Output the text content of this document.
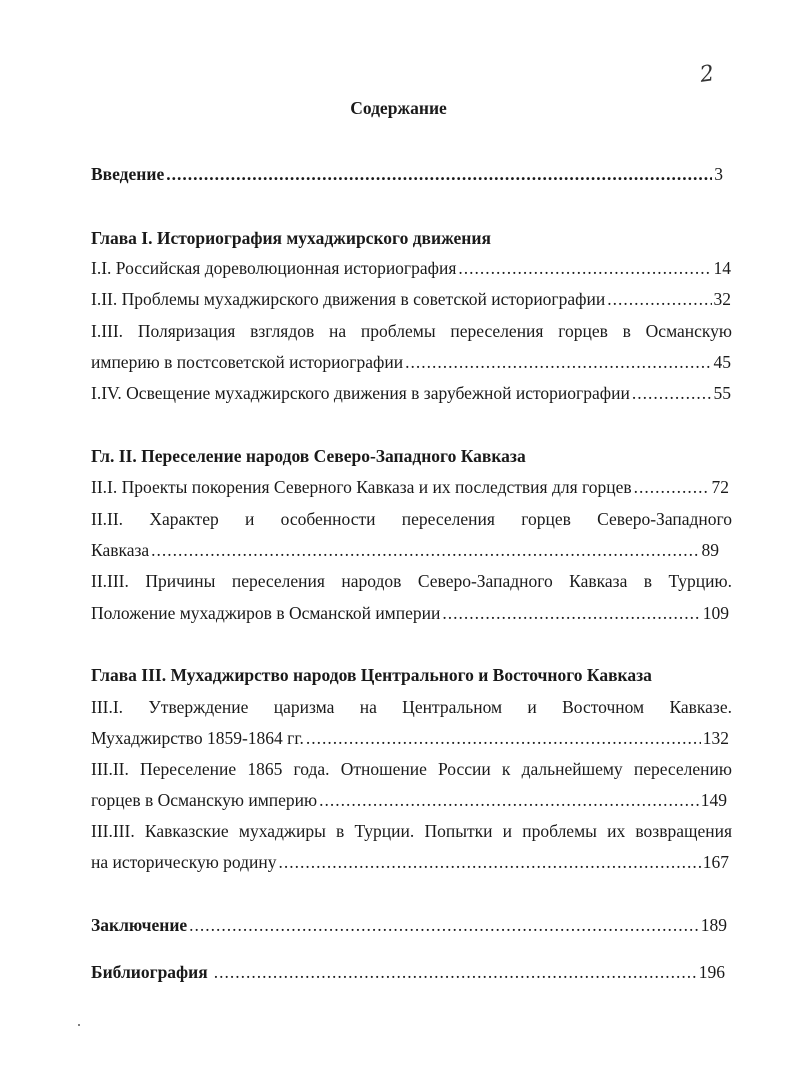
2
Содержание
Введение .....	3
Глава I. Историография мухаджирского движения
I.I. Российская дореволюционная историография .....	14
I.II. Проблемы мухаджирского движения в советской историографии .....	32
I.III. Поляризация взглядов на проблемы переселения горцев в Османскую
империю в постсоветской историографии .....	45
I.IV. Освещение мухаджирского движения в зарубежной историографии .....	55
Гл. II. Переселение народов Северо-Западного Кавказа
II.I. Проекты покорения Северного Кавказа и их последствия для горцев .....	72
II.II. Характер и особенности переселения горцев Северо-Западного
Кавказа .....	89
II.III. Причины переселения народов Северо-Западного Кавказа в Турцию.
Положение мухаджиров в Османской империи .....	109
Глава III. Мухаджирство народов Центрального и Восточного Кавказа
III.I. Утверждение царизма на Центральном и Восточном Кавказе.
Мухаджирство 1859-1864 гг. .....	132
III.II. Переселение 1865 года. Отношение России к дальнейшему переселению
горцев в Османскую империю .....	149
III.III. Кавказские мухаджиры в Турции. Попытки и проблемы их возвращения
на историческую родину .....	167
Заключение .....	189
Библиография .....	196
